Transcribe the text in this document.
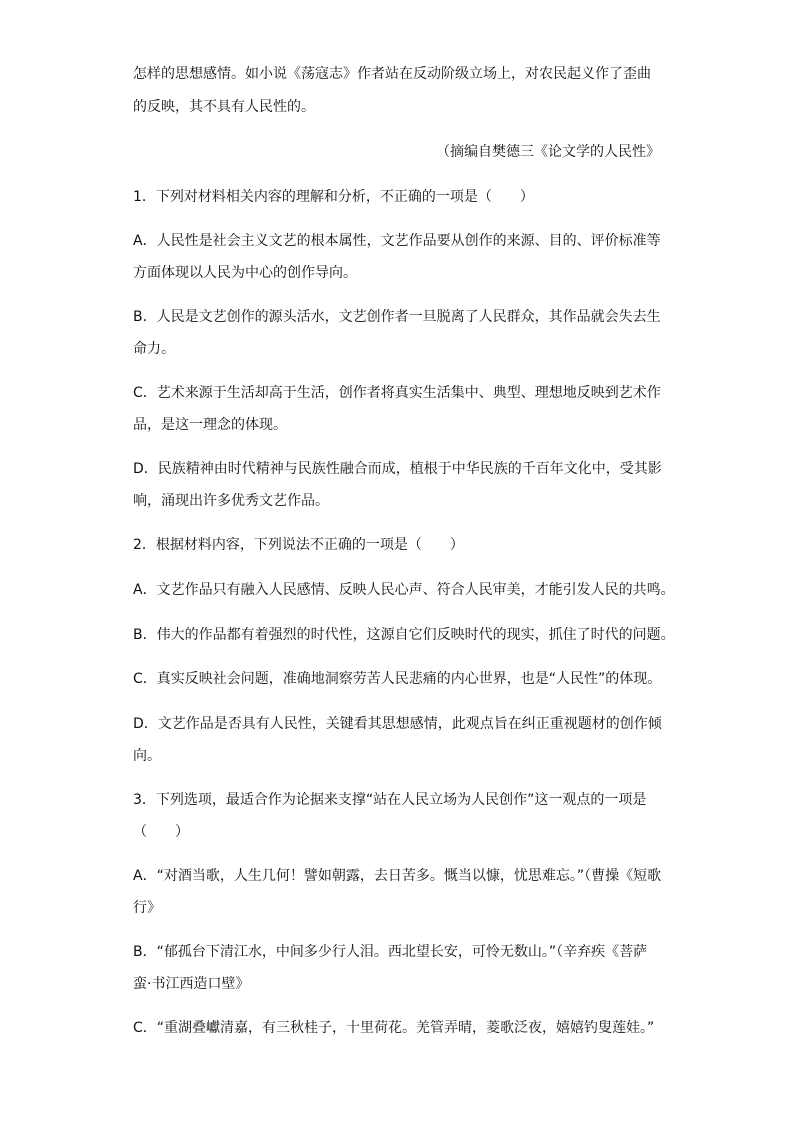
怎样的思想感情。如小说《荡寇志》作者站在反动阶级立场上，对农民起义作了歪曲
的反映，其不具有人民性的。
（摘编自樊德三《论文学的人民性》
1．下列对材料相关内容的理解和分析，不正确的一项是（　　）
A．人民性是社会主义文艺的根本属性，文艺作品要从创作的来源、目的、评价标准等
方面体现以人民为中心的创作导向。
B．人民是文艺创作的源头活水，文艺创作者一旦脱离了人民群众，其作品就会失去生
命力。
C．艺术来源于生活却高于生活，创作者将真实生活集中、典型、理想地反映到艺术作
品，是这一理念的体现。
D．民族精神由时代精神与民族性融合而成，植根于中华民族的千百年文化中，受其影
响，涌现出许多优秀文艺作品。
2．根据材料内容，下列说法不正确的一项是（　　）
A．文艺作品只有融入人民感情、反映人民心声、符合人民审美，才能引发人民的共鸣。
B．伟大的作品都有着强烈的时代性，这源自它们反映时代的现实，抓住了时代的问题。
C．真实反映社会问题，准确地洞察劳苦人民悲痛的内心世界，也是“人民性”的体现。
D．文艺作品是否具有人民性，关键看其思想感情，此观点旨在纠正重视题材的创作倾
向。
3．下列选项，最适合作为论据来支撑“站在人民立场为人民创作”这一观点的一项是
（　　）
A．“对酒当歌，人生几何！譬如朝露，去日苦多。慨当以慷，忧思难忘。”（曹操《短歌
行》
B．“郁孤台下清江水，中间多少行人泪。西北望长安，可怜无数山。”（辛弃疾《菩萨
蛮·书江西造口壁》
C．“重湖叠巘清嘉，有三秋桂子，十里荷花。羌管弄晴，菱歌泛夜，嬉嬉钓叟莲娃。”
